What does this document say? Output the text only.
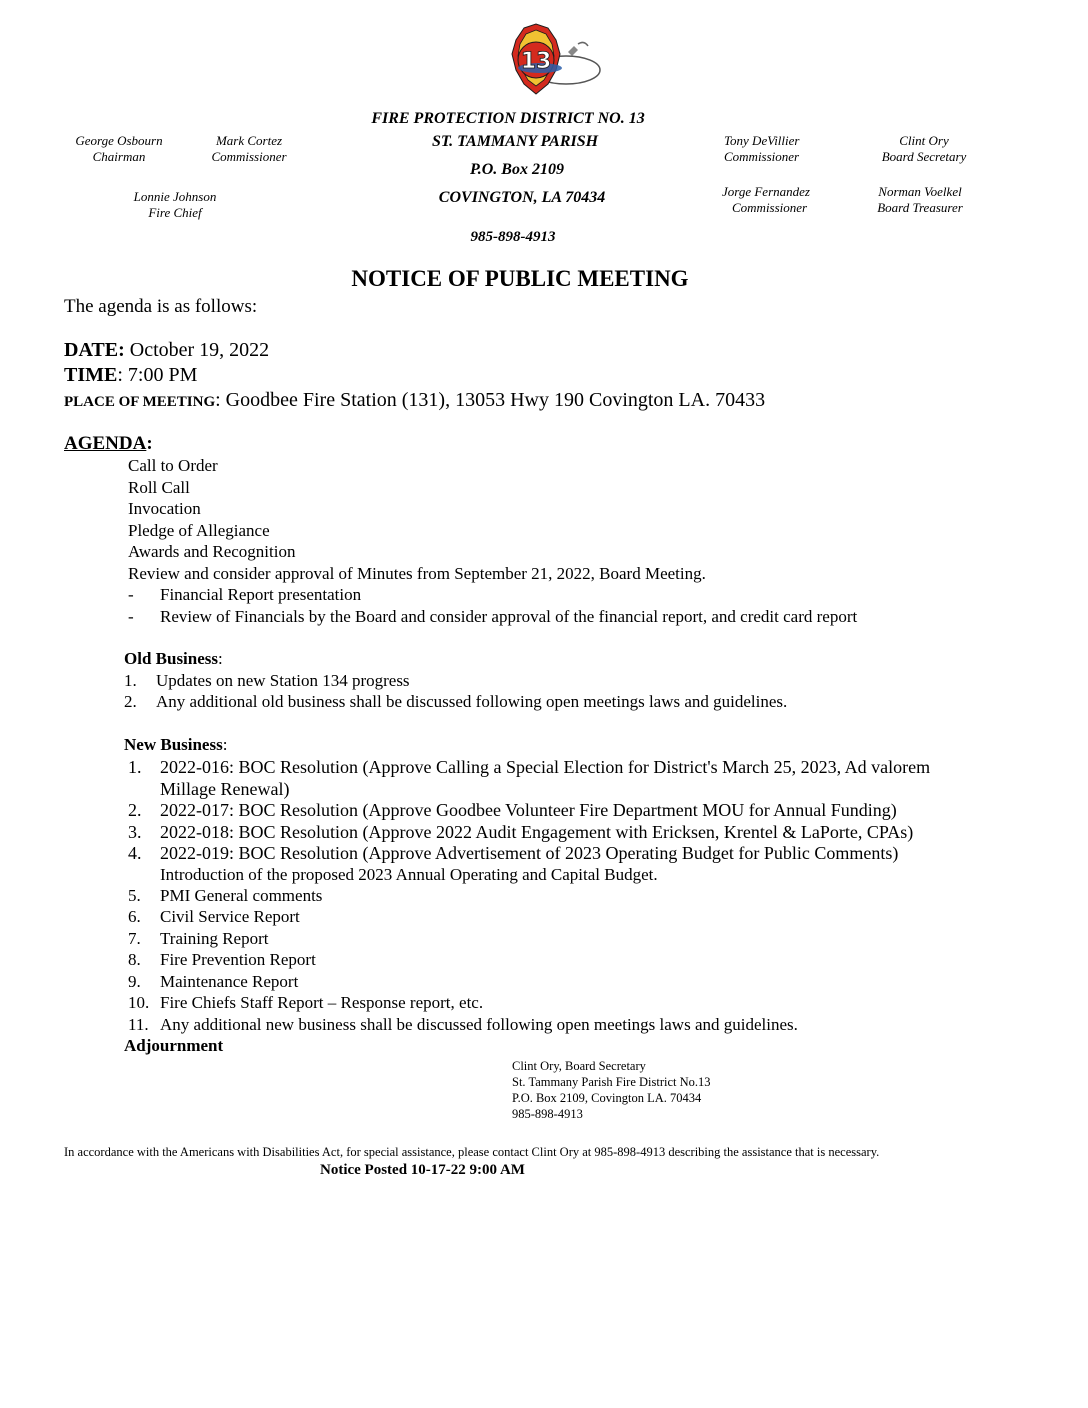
13
FIRE PROTECTION DISTRICT NO. 13
ST. TAMMANY PARISH
P.O. Box 2109
COVINGTON, LA 70434
985-898-4913
George Osbourn
Chairman
Mark Cortez
Commissioner
Lonnie Johnson
Fire Chief
Tony DeVillier
Commissioner
Clint Ory
Board Secretary
Jorge Fernandez
Commissioner
Norman Voelkel
Board Treasurer
NOTICE OF PUBLIC MEETING
The agenda is as follows:
DATE: October 19, 2022
TIME: 7:00 PM
PLACE OF MEETING: Goodbee Fire Station (131), 13053 Hwy 190 Covington LA. 70433
AGENDA:
Call to Order
Roll Call
Invocation
Pledge of Allegiance
Awards and Recognition
Review and consider approval of Minutes from September 21, 2022, Board Meeting.
- Financial Report presentation
- Review of Financials by the Board and consider approval of the financial report, and credit card report
Old Business:
1. Updates on new Station 134 progress
2. Any additional old business shall be discussed following open meetings laws and guidelines.
New Business:
1. 2022-016: BOC Resolution (Approve Calling a Special Election for District's March 25, 2023, Ad valorem
Millage Renewal)
2. 2022-017: BOC Resolution (Approve Goodbee Volunteer Fire Department MOU for Annual Funding)
3. 2022-018: BOC Resolution (Approve 2022 Audit Engagement with Ericksen, Krentel & LaPorte, CPAs)
4. 2022-019: BOC Resolution (Approve Advertisement of 2023 Operating Budget for Public Comments)
Introduction of the proposed 2023 Annual Operating and Capital Budget.
5. PMI General comments
6. Civil Service Report
7. Training Report
8. Fire Prevention Report
9. Maintenance Report
10. Fire Chiefs Staff Report – Response report, etc.
11. Any additional new business shall be discussed following open meetings laws and guidelines.
Adjournment
Clint Ory, Board Secretary
St. Tammany Parish Fire District No.13
P.O. Box 2109, Covington LA. 70434
985-898-4913
In accordance with the Americans with Disabilities Act, for special assistance, please contact Clint Ory at 985-898-4913 describing the assistance that is necessary.
Notice Posted 10-17-22 9:00 AM
